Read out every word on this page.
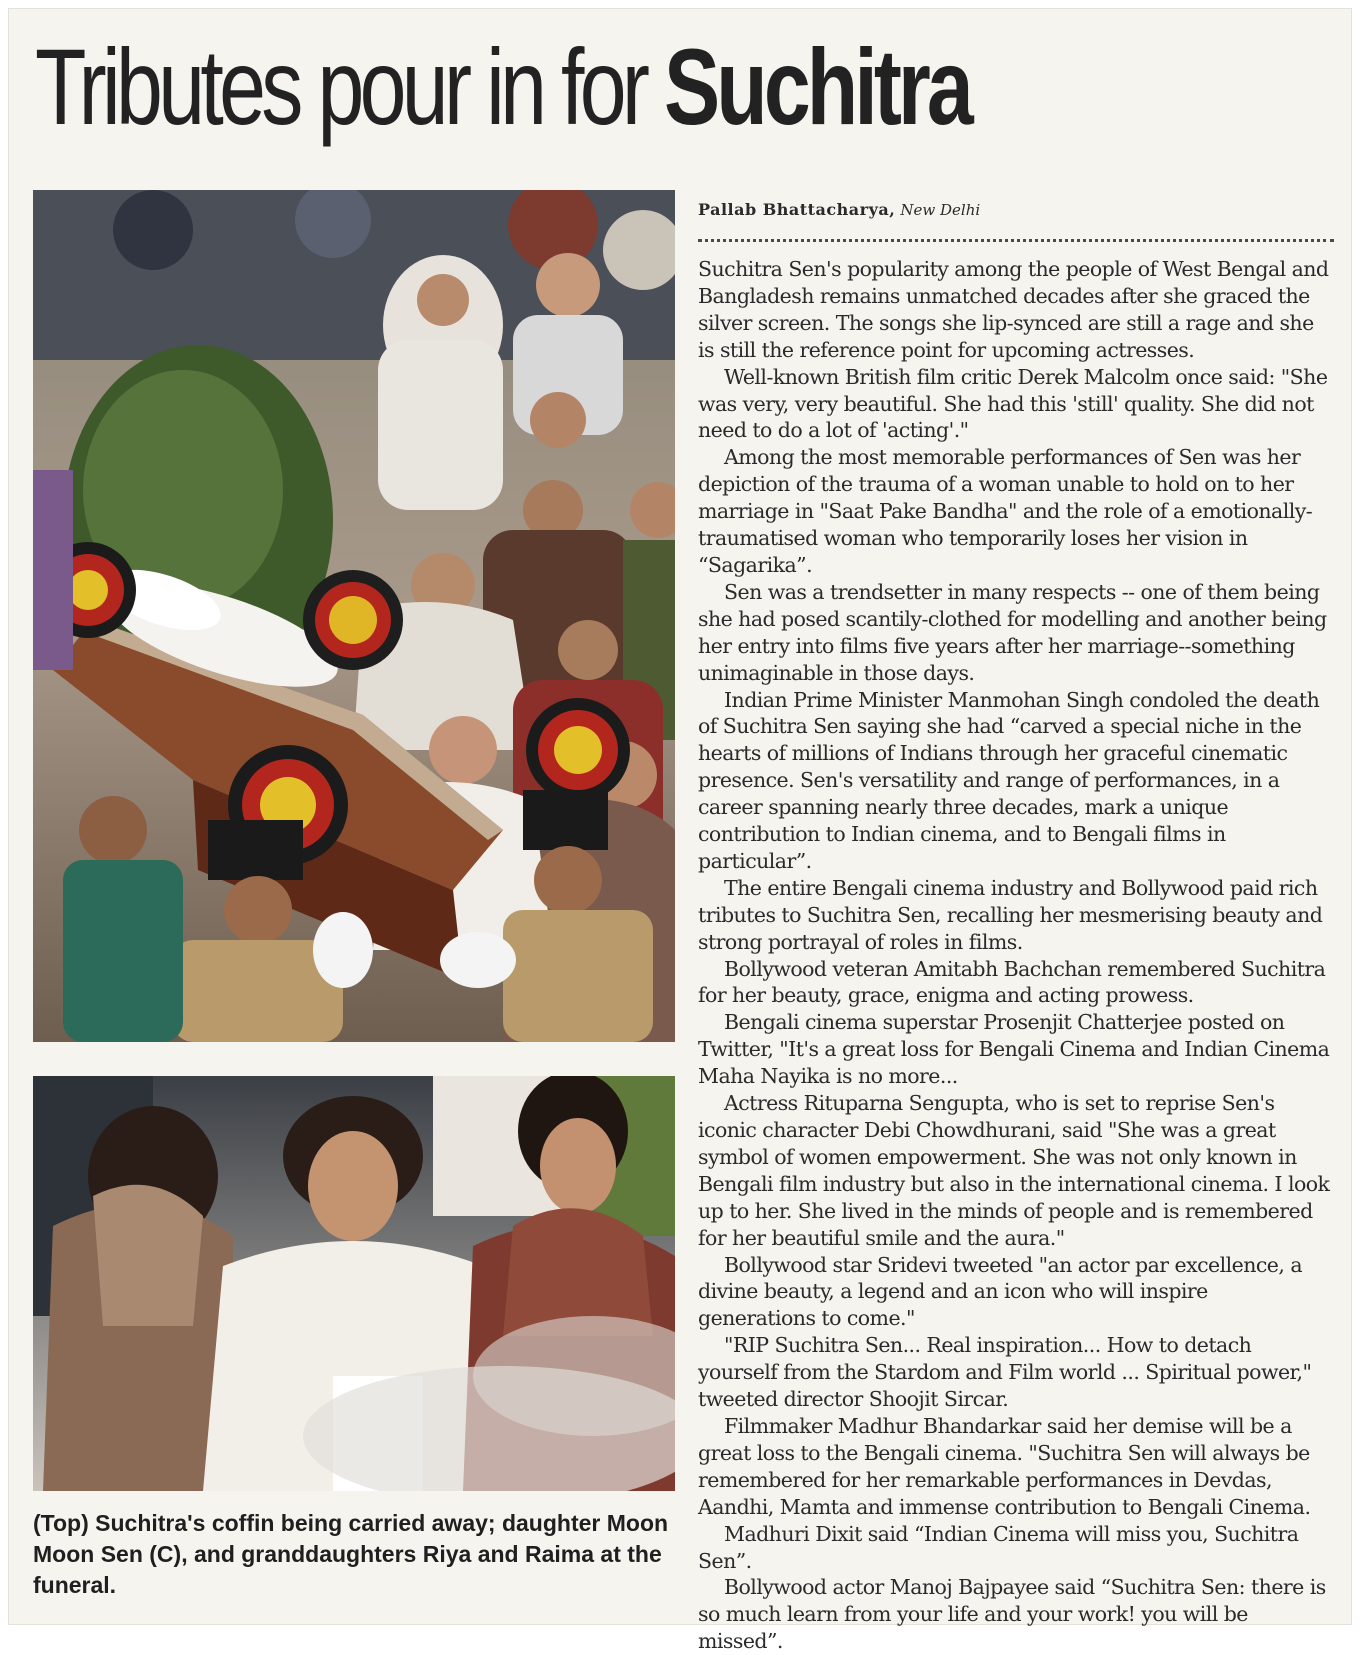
Tributes pour in for Suchitra

(Top) Suchitra's coffin being carried away; daughter Moon Moon Sen (C), and granddaughters Riya and Raima at the funeral.

Pallab Bhattacharya, New Delhi

Suchitra Sen's popularity among the people of West Bengal and Bangladesh remains unmatched decades after she graced the silver screen. The songs she lip-synced are still a rage and she is still the reference point for upcoming actresses.

Well-known British film critic Derek Malcolm once said: "She was very, very beautiful. She had this 'still' quality. She did not need to do a lot of 'acting'."

Among the most memorable performances of Sen was her depiction of the trauma of a woman unable to hold on to her marriage in "Saat Pake Bandha" and the role of a emotionally-traumatised woman who temporarily loses her vision in “Sagarika”.

Sen was a trendsetter in many respects -- one of them being she had posed scantily-clothed for modelling and another being her entry into films five years after her marriage--something unimaginable in those days.

Indian Prime Minister Manmohan Singh condoled the death of Suchitra Sen saying she had “carved a special niche in the hearts of millions of Indians through her graceful cinematic presence. Sen's versatility and range of performances, in a career spanning nearly three decades, mark a unique contribution to Indian cinema, and to Bengali films in particular”.

The entire Bengali cinema industry and Bollywood paid rich tributes to Suchitra Sen, recalling her mesmerising beauty and strong portrayal of roles in films.

Bollywood veteran Amitabh Bachchan remembered Suchitra for her beauty, grace, enigma and acting prowess.

Bengali cinema superstar Prosenjit Chatterjee posted on Twitter, "It's a great loss for Bengali Cinema and Indian Cinema Maha Nayika is no more...

Actress Rituparna Sengupta, who is set to reprise Sen's iconic character Debi Chowdhurani, said "She was a great symbol of women empowerment. She was not only known in Bengali film industry but also in the international cinema. I look up to her. She lived in the minds of people and is remembered for her beautiful smile and the aura."

Bollywood star Sridevi tweeted "an actor par excellence, a divine beauty, a legend and an icon who will inspire generations to come."

"RIP Suchitra Sen... Real inspiration... How to detach yourself from the Stardom and Film world ... Spiritual power," tweeted director Shoojit Sircar.

Filmmaker Madhur Bhandarkar said her demise will be a great loss to the Bengali cinema. "Suchitra Sen will always be remembered for her remarkable performances in Devdas, Aandhi, Mamta and immense contribution to Bengali Cinema.

Madhuri Dixit said “Indian Cinema will miss you, Suchitra Sen”.

Bollywood actor Manoj Bajpayee said “Suchitra Sen: there is so much learn from your life and your work! you will be missed”.
